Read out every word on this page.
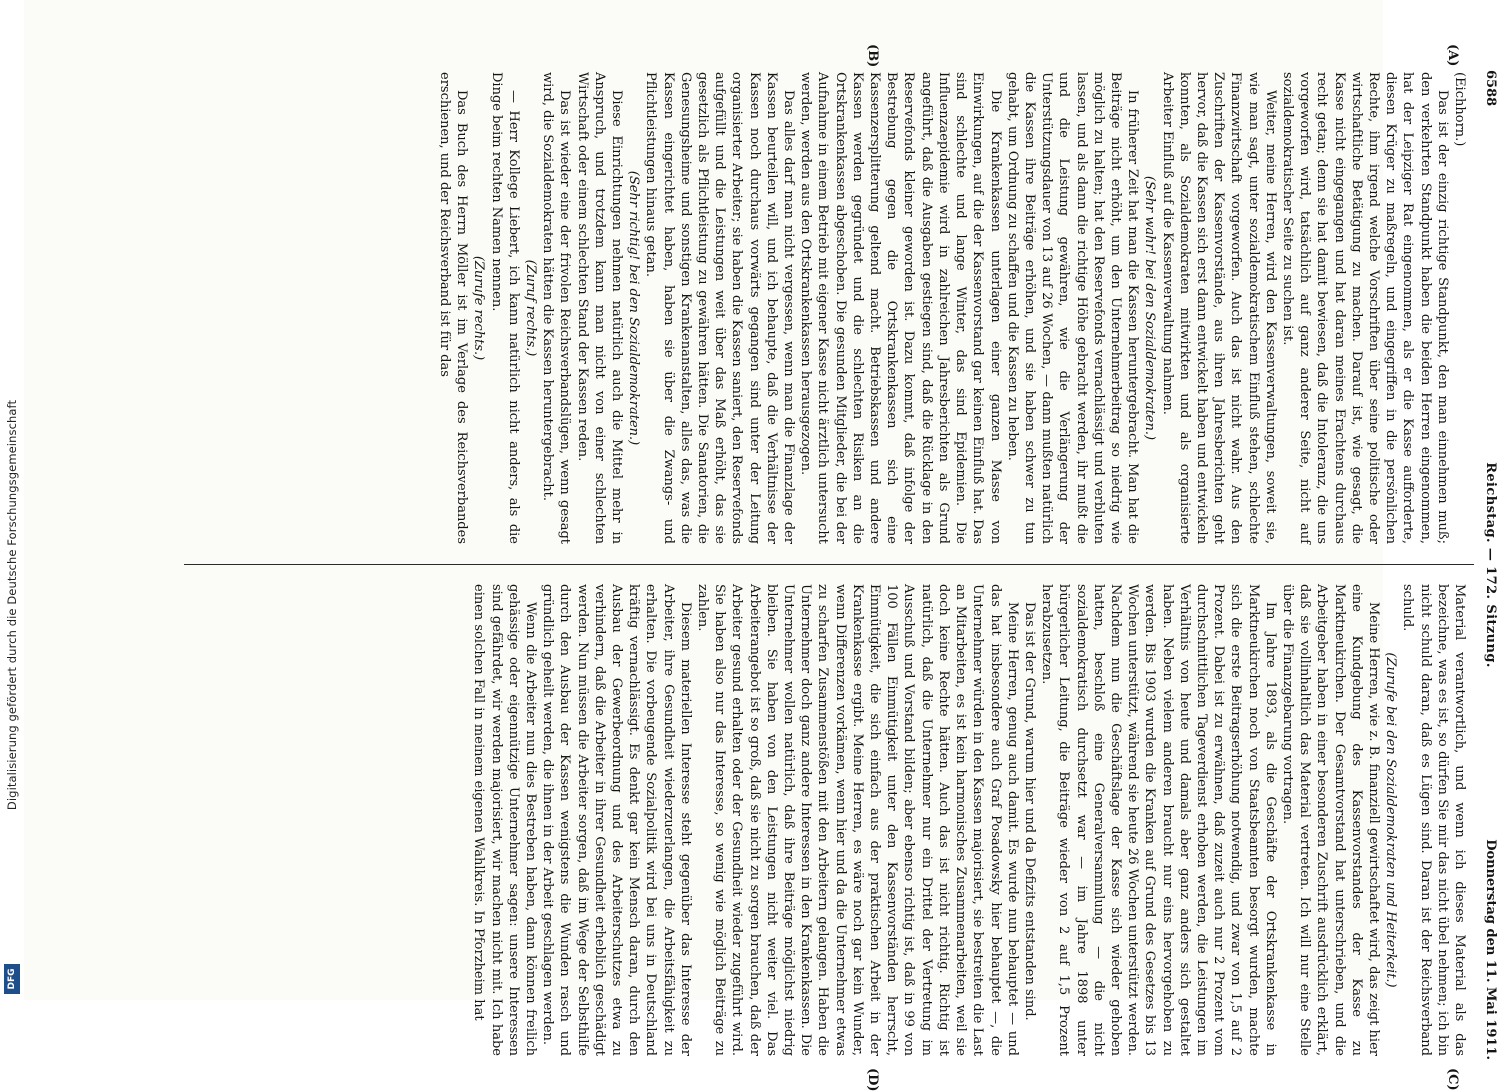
Digitalisierung gefördert durch die Deutsche Forschungsgemeinschaft
DFG
6588
Reichstag. — 172. Sitzung.
Donnerstag den 11. Mai 1911.
(A)
(B)
(C)
(D)

(Eichhorn.)

Das ist der einzig richtige Standpunkt, den man einnehmen muß; den verkehrten Standpunkt haben die beiden Herren eingenommen, hat der Leipziger Rat eingenommen, als er die Kasse aufforderte, diesen Krüger zu maßregeln, und eingegriffen in die persönlichen Rechte, ihm irgend welche Vorschriften über seine politische oder wirtschaftliche Betätigung zu machen. Darauf ist, wie gesagt, die Kasse nicht eingegangen und hat daran meines Erachtens durchaus recht getan; denn sie hat damit bewiesen, daß die Intoleranz, die uns vorgeworfen wird, tatsächlich auf ganz anderer Seite, nicht auf sozialdemokratischer Seite zu suchen ist.

Weiter, meine Herren, wird den Kassenverwaltungen, soweit sie, wie man sagt, unter sozialdemokratischem Einfluß stehen, schlechte Finanzwirtschaft vorgeworfen. Auch das ist nicht wahr. Aus den Zuschriften der Kassenvorstände, aus ihren Jahresberichten geht hervor, daß die Kassen sich erst dann entwickelt haben und entwickeln konnten, als Sozialdemokraten mitwirkten und als organisierte Arbeiter Einfluß auf die Kassenverwaltung nahmen.

(Sehr wahr! bei den Sozialdemokraten.)

In früherer Zeit hat man die Kassen heruntergebracht. Man hat die Beiträge nicht erhöht, um den Unternehmerbeitrag so niedrig wie möglich zu halten; hat den Reservefonds vernachlässigt und verbluten lassen, und als dann die richtige Höhe gebracht werden, ihr mußt die und die Leistung gewähren, wie die Verlängerung der Unterstützungsdauer von 13 auf 26 Wochen, — dann mußten natürlich die Kassen ihre Beiträge erhöhen, und sie haben schwer zu tun gehabt, um Ordnung zu schaffen und die Kassen zu heben.

Die Krankenkassen unterlagen einer ganzen Masse von Einwirkungen, auf die der Kassenvorstand gar keinen Einfluß hat. Das sind schlechte und lange Winter, das sind Epidemien. Die Influenzaepidemie wird in zahlreichen Jahresberichten als Grund angeführt, daß die Ausgaben gestiegen sind, daß die Rücklage in den Reservefonds kleiner geworden ist. Dazu kommt, daß infolge der Bestrebung gegen die Ortskrankenkassen sich eine Kassenzersplitterung geltend macht. Betriebskassen und andere Kassen werden gegründet und die schlechten Risiken an die Ortskrankenkassen abgeschoben. Die gesunden Mitglieder, die bei der Aufnahme in einem Betrieb mit eigener Kasse nicht ärztlich untersucht werden, werden aus den Ortskrankenkassen herausgezogen.

Das alles darf man nicht vergessen, wenn man die Finanzlage der Kassen beurteilen will, und ich behaupte, daß die Verhältnisse der Kassen noch durchaus vorwärts gegangen sind unter der Leitung organisierter Arbeiter; sie haben die Kassen saniert, den Reservefonds aufgefüllt und die Leistungen weit über das Maß erhöht, das sie gesetzlich als Pflichtleistung zu gewähren hätten. Die Sanatorien, die Genesungsheime und sonstigen Krankenanstalten, alles das, was die Kassen eingerichtet haben, haben sie über die Zwangs- und Pflichtleistungen hinaus getan.

(Sehr richtig! bei den Sozialdemokraten.)

Diese Einrichtungen nehmen natürlich auch die Mittel mehr in Anspruch, und trotzdem kann man nicht von einer schlechten Wirtschaft oder einem schlechten Stand der Kassen reden.

Das ist wieder eine der frivolen Reichsverbandslügen, wenn gesagt wird, die Sozialdemokraten hätten die Kassen heruntergebracht.

(Zuruf rechts.)

— Herr Kollege Liebert, ich kann natürlich nicht anders, als die Dinge beim rechten Namen nennen.

(Zurufe rechts.)

Das Buch des Herrn Möller ist im Verlage des Reichsverbandes erschienen, und der Reichsverband ist für das

Material verantwortlich, und wenn ich dieses Material als das bezeichne, was es ist, so dürfen Sie mir das nicht übel nehmen; ich bin nicht schuld daran, daß es Lügen sind. Daran ist der Reichsverband schuld.

(Zurufe bei den Sozialdemokraten und Heiterkeit.)

Meine Herren, wie z. B. finanziell gewirtschaftet wird, das zeigt hier eine Kundgebung des Kassenvorstandes der Kasse zu Marktneukirchen. Der Gesamtvorstand hat unterschrieben, und die Arbeitgeber haben in einer besonderen Zuschrift ausdrücklich erklärt, daß sie vollinhaltlich das Material vertreten. Ich will nur eine Stelle über die Finanzgebarung vortragen.

Im Jahre 1893, als die Geschäfte der Ortskrankenkasse in Marktneukirchen noch von Staatsbeamten besorgt wurden, machte sich die erste Beitragserhöhung notwendig, und zwar von 1,5 auf 2 Prozent. Dabei ist zu erwähnen, daß zuzeit auch nur 2 Prozent vom durchschnittlichen Tageverdienst erhoben werden, die Leistungen im Verhältnis von heute und damals aber ganz anders sich gestaltet haben. Neben vielem anderen braucht nur eins hervorgehoben zu werden. Bis 1903 wurden die Kranken auf Grund des Gesetzes bis 13 Wochen unterstützt, während sie heute 26 Wochen unterstützt werden. Nachdem nun die Geschäftslage der Kasse sich wieder gehoben hatten, beschloß eine Generalversammlung — die nicht sozialdemokratisch durchsetzt war — im Jahre 1898 unter bürgerlicher Leitung, die Beiträge wieder von 2 auf 1,5 Prozent herabzusetzen.

Das ist der Grund, warum hier und da Defizits entstanden sind.

Meine Herren, genug auch damit. Es wurde nun behauptet — und das hat insbesondere auch Graf Posadowsky hier behauptet —, die Unternehmer würden in den Kassen majorisiert, sie bestreiten die Last an Mitarbeiten, es ist kein harmonisches Zusammenarbeiten, weil sie doch keine Rechte hätten. Auch das ist nicht richtig. Richtig ist natürlich, daß die Unternehmer nur ein Drittel der Vertretung im Ausschuß und Vorstand bilden; aber ebenso richtig ist, daß in 99 von 100 Fällen Einmütigkeit unter den Kassenvorständen herrscht, Einmütigkeit, die sich einfach aus der praktischen Arbeit in der Krankenkasse ergibt. Meine Herren, es wäre noch gar kein Wunder, wenn Differenzen vorkämen, wenn hier und da die Unternehmer etwas zu scharfen Zusammenstößen mit den Arbeitern gelangen. Haben die Unternehmer doch ganz andere Interessen in den Krankenkassen. Die Unternehmer wollen natürlich, daß ihre Beiträge möglichst niedrig bleiben. Sie haben von den Leistungen nicht weiter viel. Das Arbeiterangebot ist so groß, daß sie nicht zu sorgen brauchen, daß der Arbeiter gesund erhalten oder der Gesundheit wieder zugeführt wird. Sie haben also nur das Interesse, so wenig wie möglich Beiträge zu zahlen.

Diesem materiellen Interesse steht gegenüber das Interesse der Arbeiter, ihre Gesundheit wiederzuerlangen, die Arbeitsfähigkeit zu erhalten. Die vorbeugende Sozialpolitik wird bei uns in Deutschland kräftig vernachlässigt. Es denkt gar kein Mensch daran, durch den Ausbau der Gewerbeordnung und des Arbeiterschutzes etwa zu verhindern, daß die Arbeiter in ihrer Gesundheit erheblich geschädigt werden. Nun müssen die Arbeiter sorgen, daß im Wege der Selbsthilfe durch den Ausbau der Kassen wenigstens die Wunden rasch und gründlich geheilt werden, die ihnen in der Arbeit geschlagen werden.

Wenn die Arbeiter nun dies Bestreben haben, dann können freilich gehässige oder eigennützige Unternehmer sagen: unsere Interessen sind gefährdet, wir werden majorisiert, wir machen nicht mit. Ich habe einen solchen Fall in meinem eigenen Wahlkreis. In Pforzheim hat
